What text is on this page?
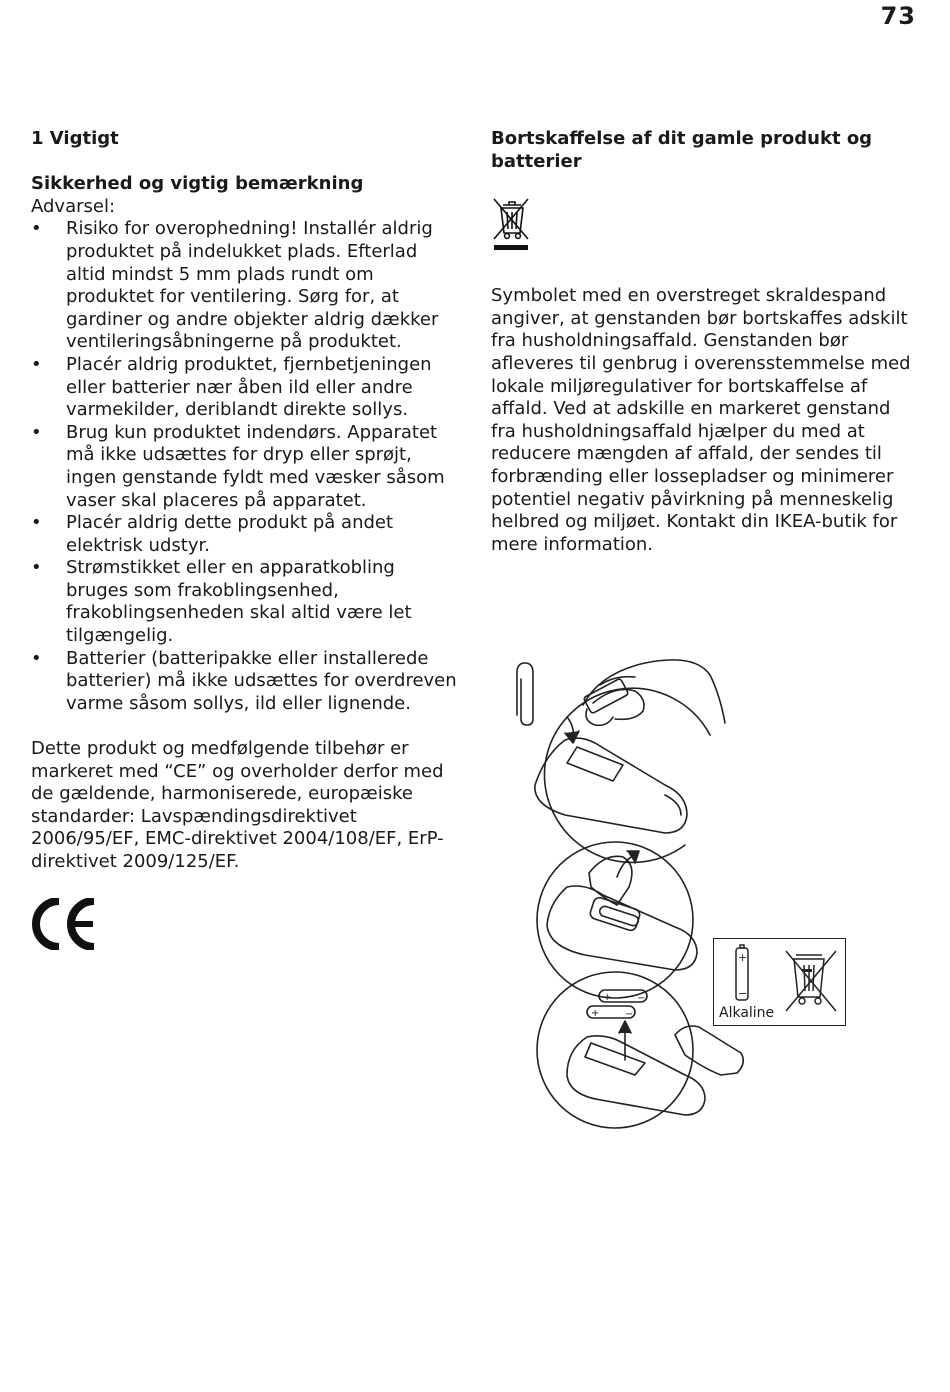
73
1 Vigtigt
Sikkerhed og vigtig bemærkning

Advarsel:

• Risiko for overophedning! Installér aldrig produktet på indelukket plads. Efterlad altid mindst 5 mm plads rundt om produktet for ventilering. Sørg for, at gardiner og andre objekter aldrig dækker ventileringsåbningerne på produktet.
• Placér aldrig produktet, fjernbetjeningen eller batterier nær åben ild eller andre varmekilder, deriblandt direkte sollys.
• Brug kun produktet indendørs. Apparatet må ikke udsættes for dryp eller sprøjt, ingen genstande fyldt med væsker såsom vaser skal placeres på apparatet.
• Placér aldrig dette produkt på andet elektrisk udstyr.
• Strømstikket eller en apparatkobling bruges som frakoblingsenhed, frakoblingsenheden skal altid være let tilgængelig.
• Batterier (batteripakke eller installerede batterier) må ikke udsættes for overdreven varme såsom sollys, ild eller lignende.

Dette produkt og medfølgende tilbehør er markeret med “CE” og overholder derfor med de gældende, harmoniserede, europæiske standarder: Lavspændingsdirektivet 2006/95/EF, EMC-direktivet 2004/108/EF, ErP-direktivet 2009/125/EF.

Bortskaffelse af dit gamle produkt og batterier

Symbolet med en overstreget skraldespand angiver, at genstanden bør bortskaffes adskilt fra husholdningsaffald. Genstanden bør afleveres til genbrug i overensstemmelse med lokale miljøregulativer for bortskaffelse af affald. Ved at adskille en markeret genstand fra husholdningsaffald hjælper du med at reducere mængden af affald, der sendes til forbrænding eller lossepladser og minimerer potentiel negativ påvirkning på menneskelig helbred og miljøet. Kontakt din IKEA-butik for mere information.

+
+
−
−
+
−
Alkaline
